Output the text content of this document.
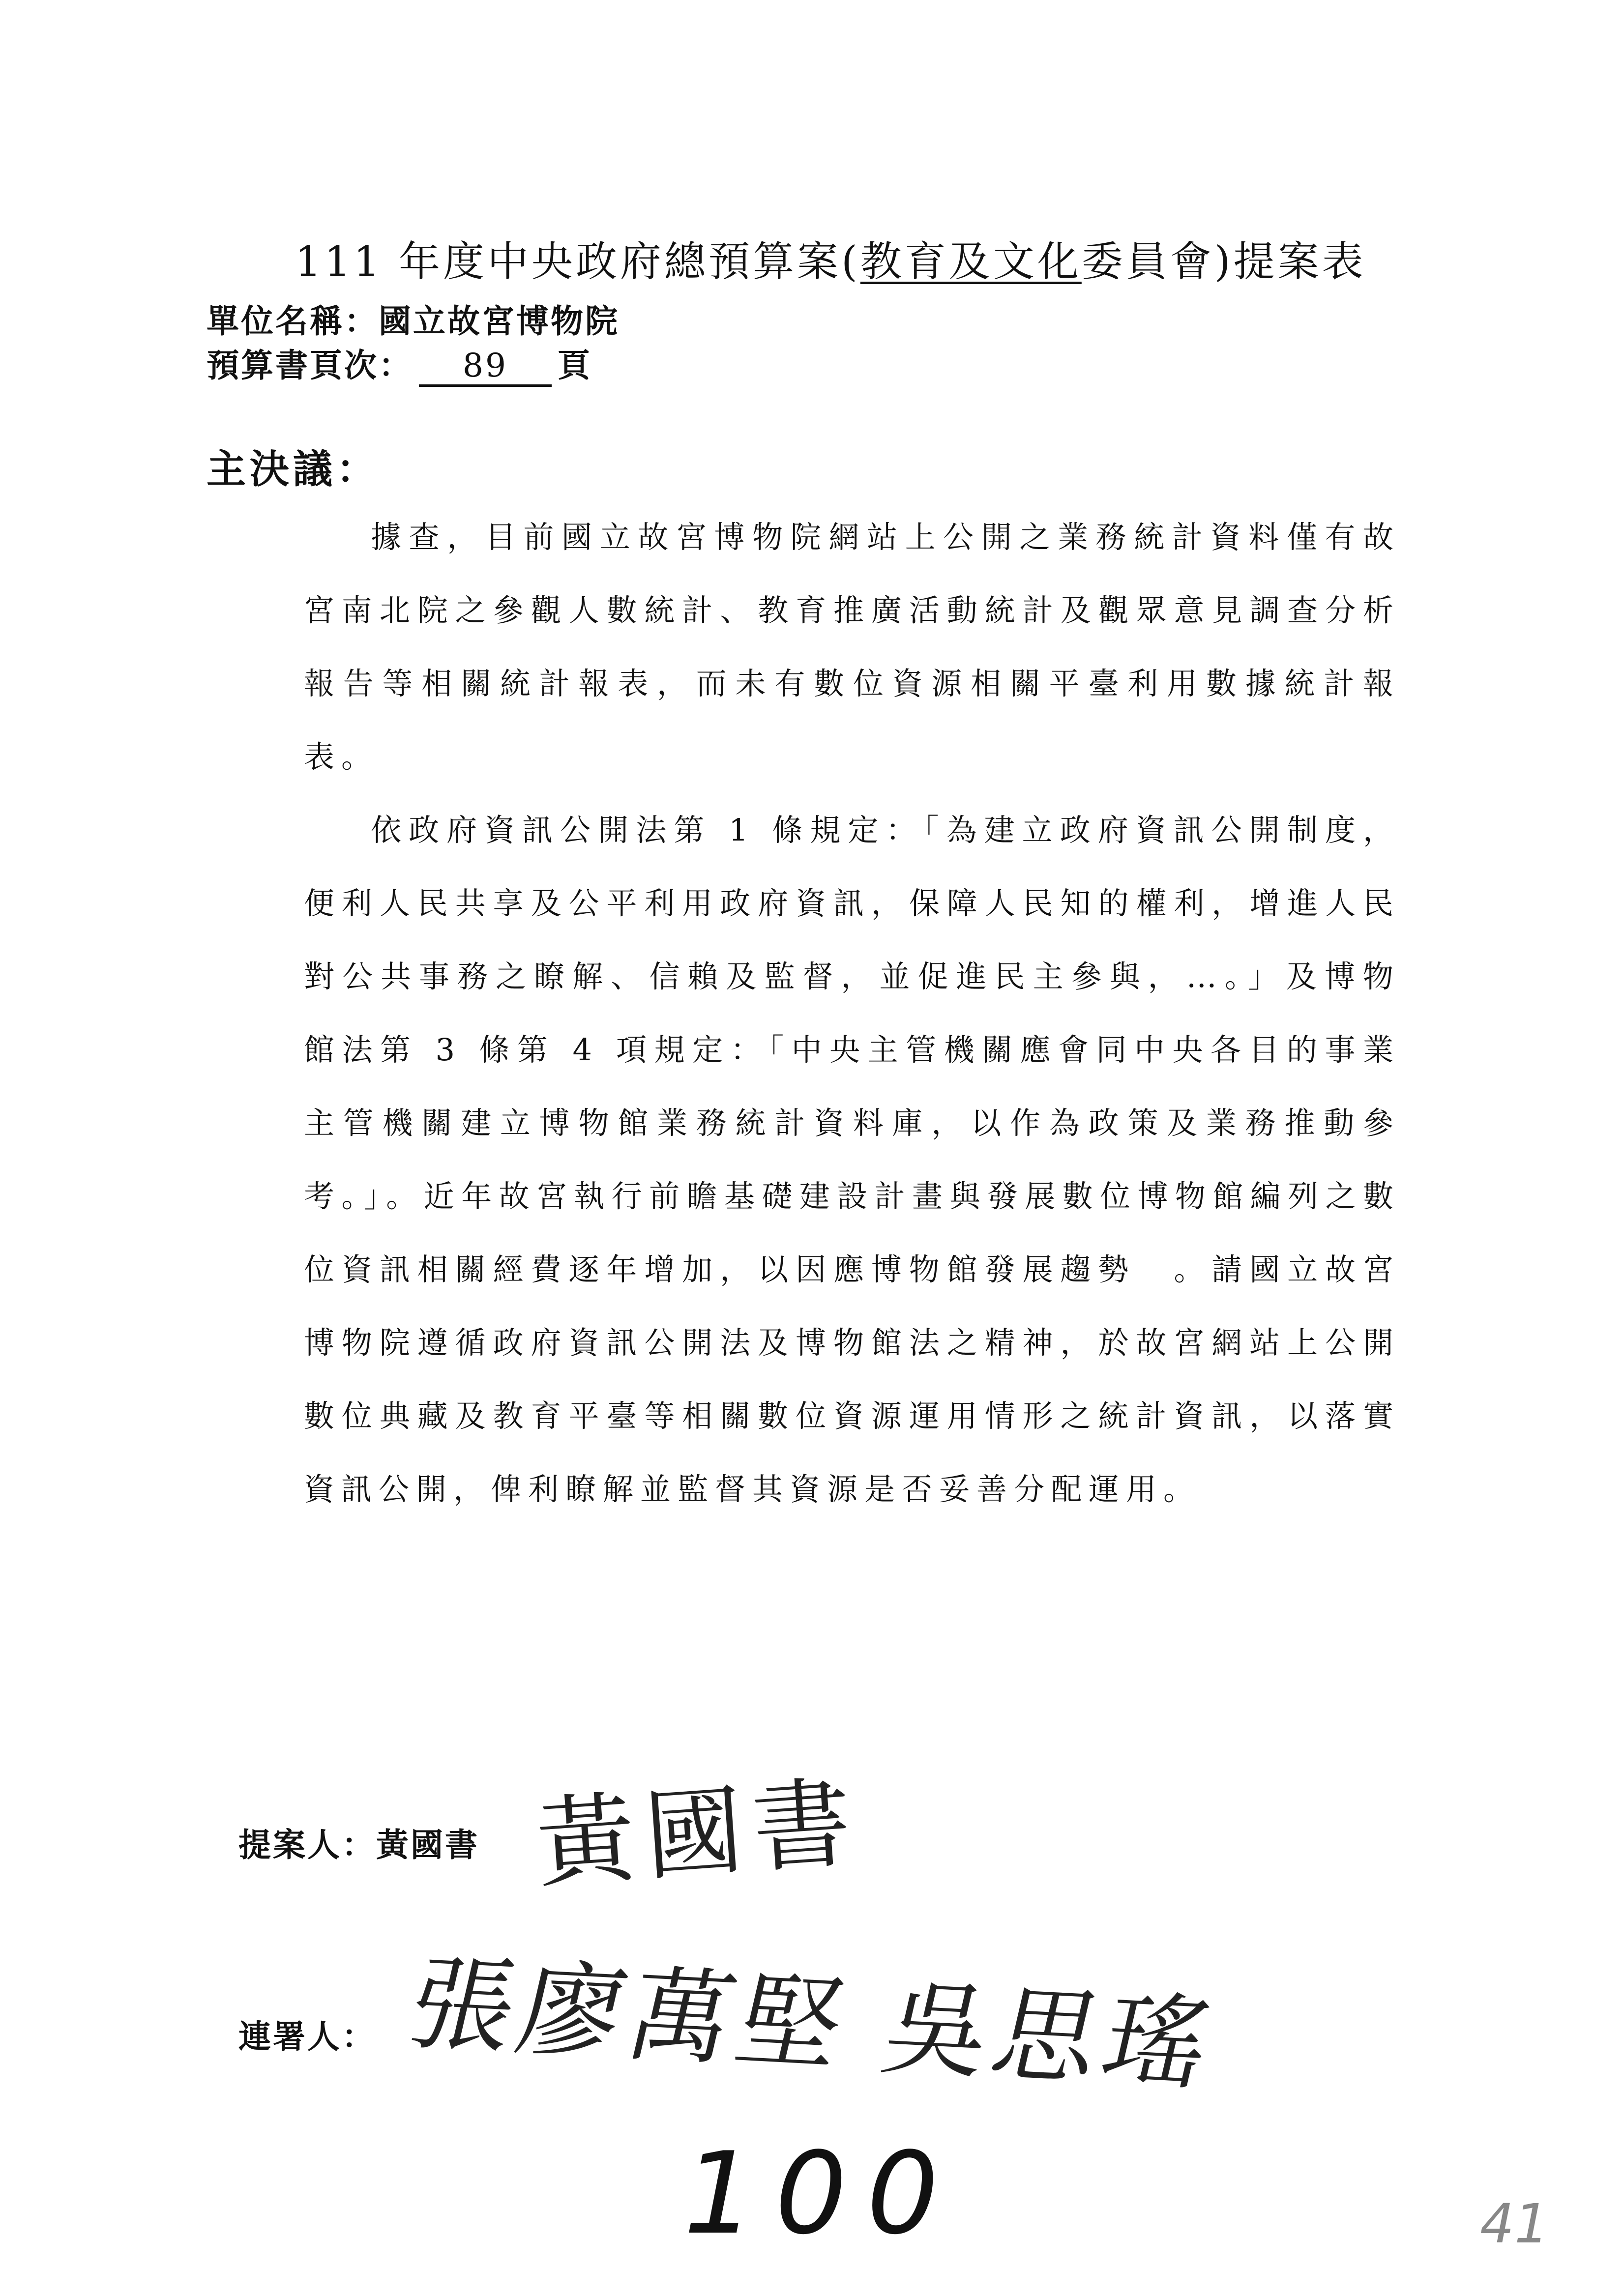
111 年度中央政府總預算案(教育及文化委員會)提案表
單位名稱：國立故宮博物院
預算書頁次： 89 頁
主決議：

據查，目前國立故宮博物院網站上公開之業務統計資料僅有故宮南北院之參觀人數統計、教育推廣活動統計及觀眾意見調查分析報告等相關統計報表，而未有數位資源相關平臺利用數據統計報表。

依政府資訊公開法第 1 條規定：「為建立政府資訊公開制度，便利人民共享及公平利用政府資訊，保障人民知的權利，增進人民對公共事務之瞭解、信賴及監督，並促進民主參與，…。」及博物館法第 3 條第 4 項規定：「中央主管機關應會同中央各目的事業主管機關建立博物館業務統計資料庫，以作為政策及業務推動參考。」。近年故宮執行前瞻基礎建設計畫與發展數位博物館編列之數位資訊相關經費逐年增加，以因應博物館發展趨勢　。請國立故宮博物院遵循政府資訊公開法及博物館法之精神，於故宮網站上公開數位典藏及教育平臺等相關數位資源運用情形之統計資訊，以落實資訊公開，俾利瞭解並監督其資源是否妥善分配運用。

提案人：黃國書 黃國書
連署人： 張廖萬堅 吳思瑤
100	41
